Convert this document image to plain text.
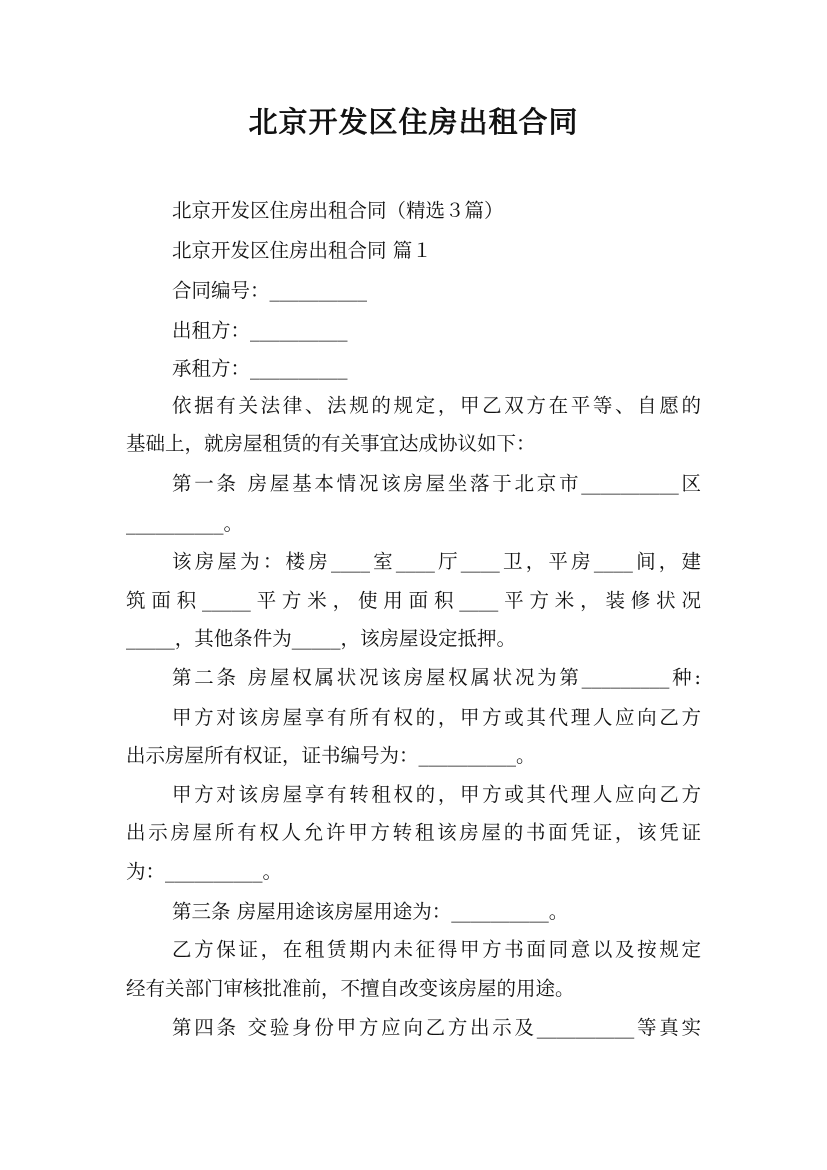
北京开发区住房出租合同

北京开发区住房出租合同（精选３篇）

北京开发区住房出租合同 篇１

合同编号：__________

出租方：__________

承租方：__________

依据有关法律、法规的规定，甲乙双方在平等、自愿的

基础上，就房屋租赁的有关事宜达成协议如下：

第一条 房屋基本情况该房屋坐落于北京市__________区

__________。

该房屋为：楼房____室____厅____卫，平房____间，建

筑面积_____平方米，使用面积____平方米，装修状况

_____，其他条件为_____，该房屋设定抵押。

第二条 房屋权属状况该房屋权属状况为第_________种:

甲方对该房屋享有所有权的，甲方或其代理人应向乙方

出示房屋所有权证，证书编号为：__________。

甲方对该房屋享有转租权的，甲方或其代理人应向乙方

出示房屋所有权人允许甲方转租该房屋的书面凭证，该凭证

为：__________。

第三条 房屋用途该房屋用途为：__________。

乙方保证，在租赁期内未征得甲方书面同意以及按规定

经有关部门审核批准前，不擅自改变该房屋的用途。

第四条 交验身份甲方应向乙方出示及__________等真实
